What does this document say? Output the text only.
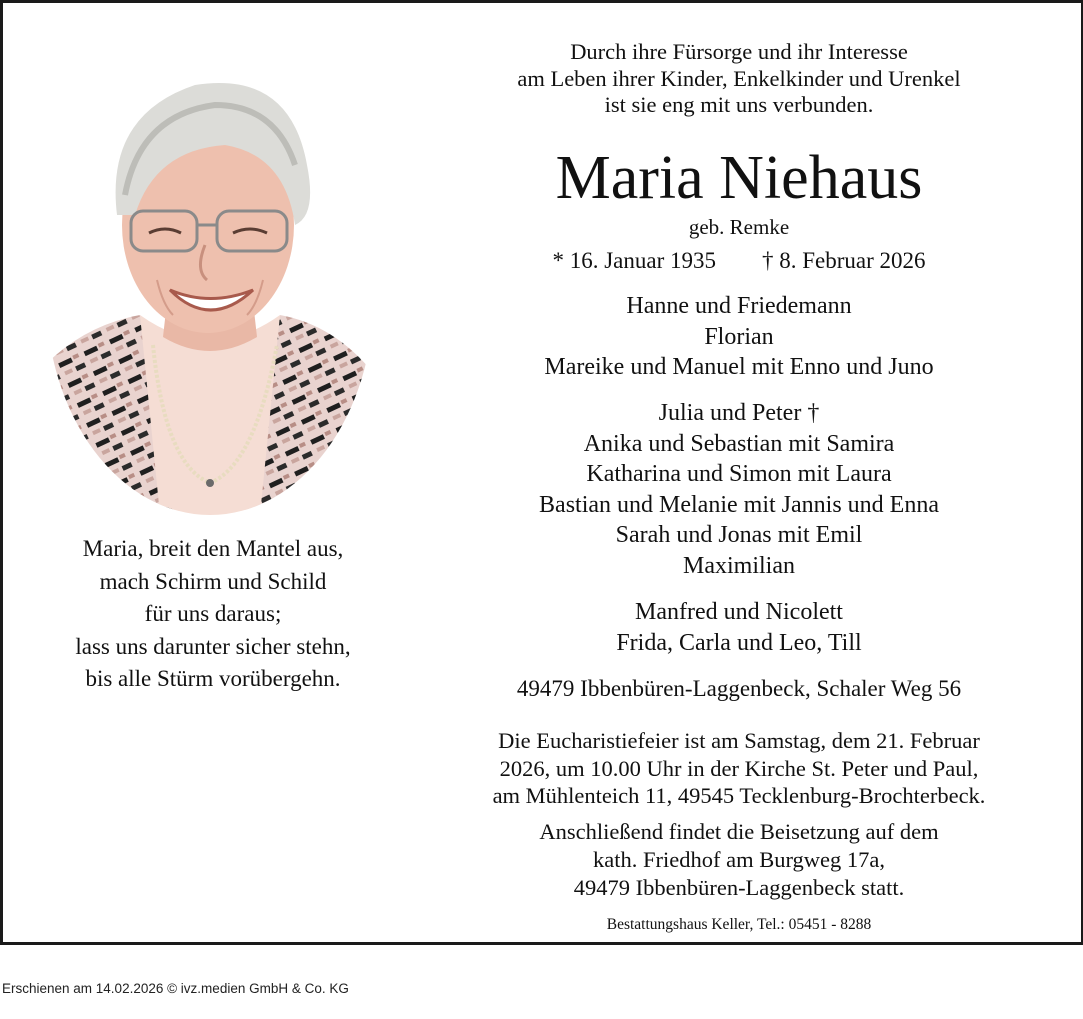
Maria, breit den Mantel aus,
mach Schirm und Schild
für uns daraus;
lass uns darunter sicher stehn,
bis alle Stürm vorübergehn.
Durch ihre Fürsorge und ihr Interesse
am Leben ihrer Kinder, Enkelkinder und Urenkel
ist sie eng mit uns verbunden.
Maria Niehaus
geb. Remke
* 16. Januar 1935 † 8. Februar 2026
Hanne und Friedemann
Florian
Mareike und Manuel mit Enno und Juno
Julia und Peter †
Anika und Sebastian mit Samira
Katharina und Simon mit Laura
Bastian und Melanie mit Jannis und Enna
Sarah und Jonas mit Emil
Maximilian
Manfred und Nicolett
Frida, Carla und Leo, Till
49479 Ibbenbüren-Laggenbeck, Schaler Weg 56
Die Eucharistiefeier ist am Samstag, dem 21. Februar
2026, um 10.00 Uhr in der Kirche St. Peter und Paul,
am Mühlenteich 11, 49545 Tecklenburg-Brochterbeck.
Anschließend findet die Beisetzung auf dem
kath. Friedhof am Burgweg 17a,
49479 Ibbenbüren-Laggenbeck statt.
Bestattungshaus Keller, Tel.: 05451 - 8288
Erschienen am 14.02.2026 © ivz.medien GmbH & Co. KG
